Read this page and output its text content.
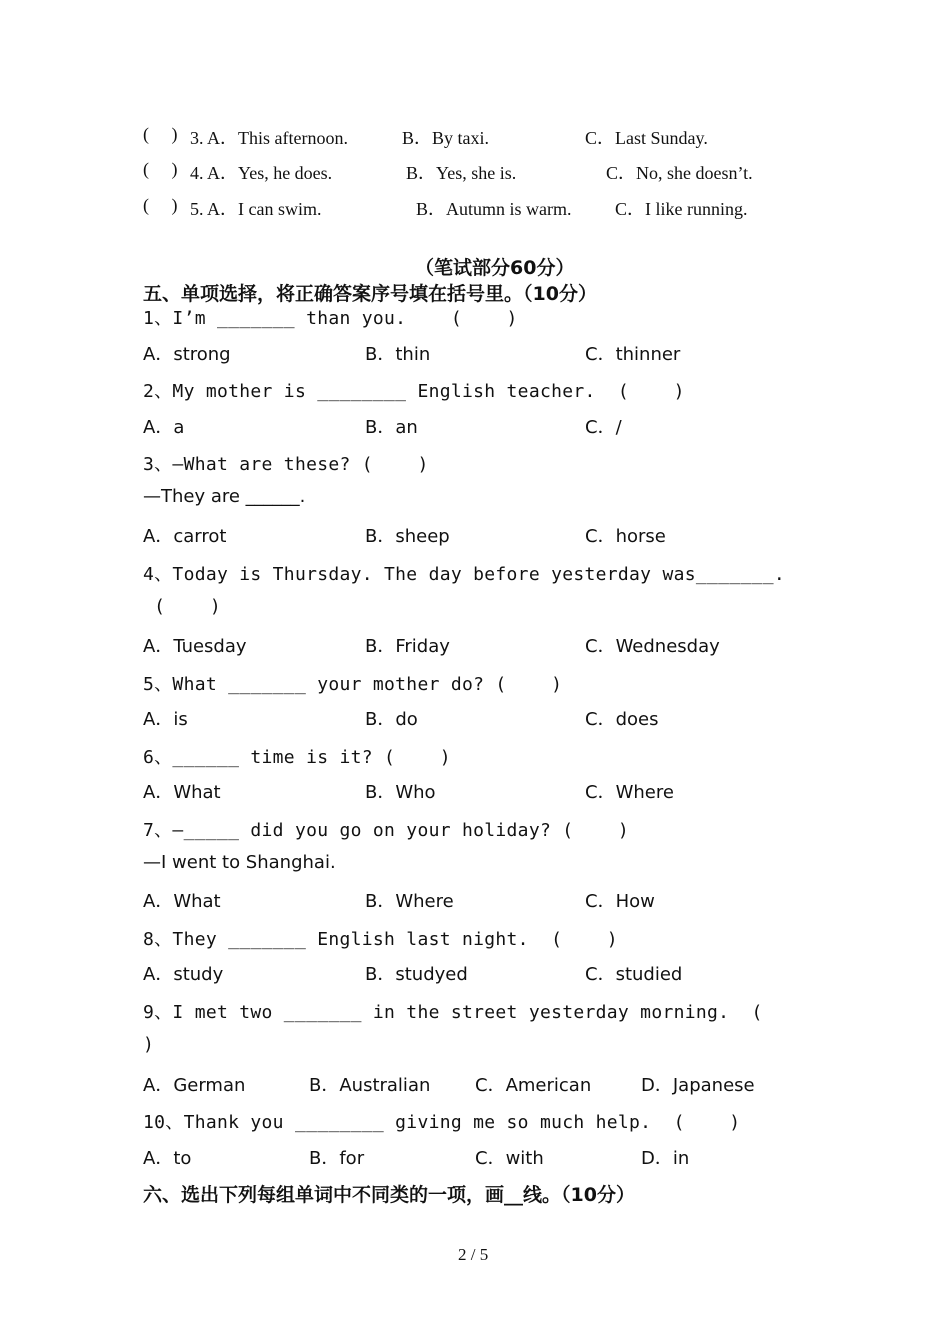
(     ) 3. A．This afternoon.	B．By taxi.	C．Last Sunday.
(     ) 4. A．Yes, he does.	B．Yes, she is.	C．No, she doesn’t.
(     ) 5. A．I can swim.	B．Autumn is warm. C．I like running.
（笔试部分60分）
五、单项选择，将正确答案序号填在括号里。（10分）
1、I’m _______ than you.    (    )
A．strong	B．thin	C．thinner
2、My mother is ________ English teacher.  (    )
A．a	B．an	C．/
3、—What are these? (    )
—They are ______.
A．carrot	B．sheep	C．horse
4、Today is Thursday. The day before yesterday was_______.
(    )
A．Tuesday	B．Friday	C．Wednesday
5、What _______ your mother do? (    )
A．is	B．do	C．does
6、______ time is it? (    )
A．What	B．Who	C．Where
7、—_____ did you go on your holiday? (    )
—I went to Shanghai.
A．What	B．Where	C．How
8、They _______ English last night.  (    )
A．study	B．studyed	C．studied
9、I met two _______ in the street yesterday morning.  (
)
A．German	B．Australian C．American	D．Japanese
10、Thank you ________ giving me so much help.  (    )
A．to	B．for	C．with	D．in
六、选出下列每组单词中不同类的一项，画__线。（10分）
2 / 5
